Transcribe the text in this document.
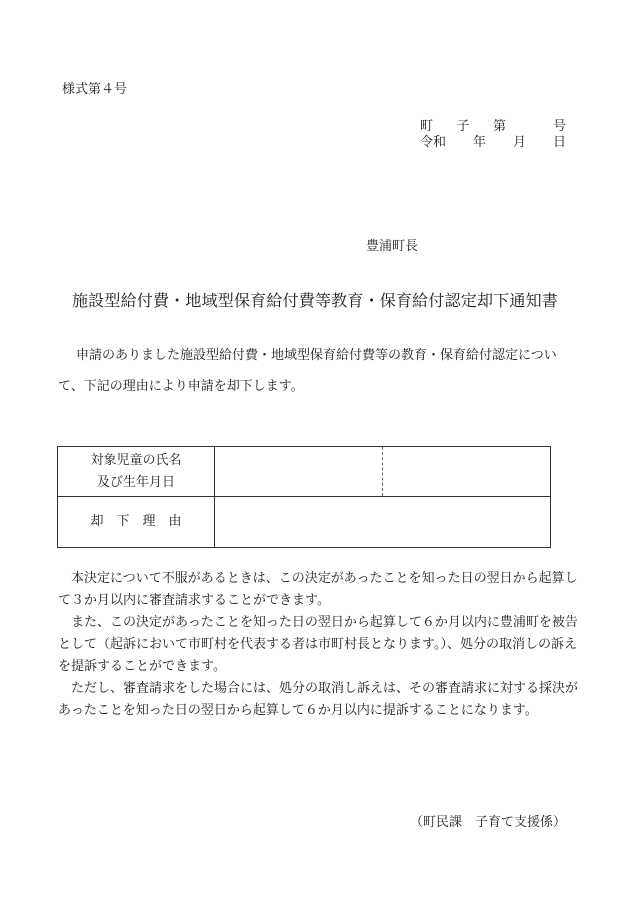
様式第４号
町 子 第	号
令和 年 月 日
豊浦町長
施設型給付費・地域型保育給付費等教育・保育給付認定却下通知書
申請のありました施設型給付費・地域型保育給付費等の教育・保育給付認定について、下記の理由により申請を却下します。
対象児童の氏名
及び生年月日		

却　下　理　由		

本決定について不服があるときは、この決定があったことを知った日の翌日から起算して３か月以内に審査請求することができます。

また、この決定があったことを知った日の翌日から起算して６か月以内に豊浦町を被告として（起訴において市町村を代表する者は市町村長となります。）、処分の取消しの訴えを提訴することができます。

ただし、審査請求をした場合には、処分の取消し訴えは、その審査請求に対する採決があったことを知った日の翌日から起算して６か月以内に提訴することになります。

（町民課　子育て支援係）
